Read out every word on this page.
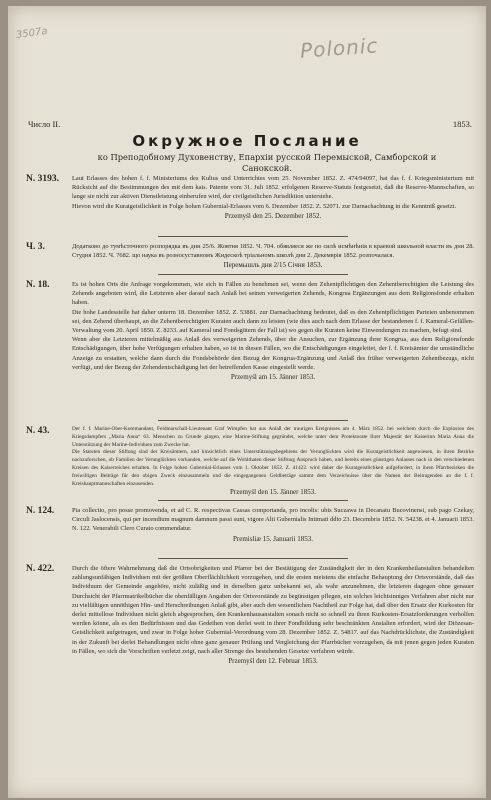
3507a	Polonic
Число II.	1853.
Окружное Послание
ко Преподобному Духовенству, Епархіи русской Перемыской, Самборской и Санокской.
N. 3193. Laut Erlasses des hohen f. f. Ministeriums des Kultus und Unterrichtes vom 25. November 1852. Z. 474/94097, hat das f. f. Kriegsministerium mit Rücksicht auf die Bestimmungen des mit dem kais. Patente vom 31. Juli 1852. erfolgenen Reserve-Statuts festgesetzt, daß die Reserve-Mannschaften, so lange sie nicht zur aktiven Dienstleistung einberufen wird, der civilgeistlichen Jurisdiktion unterstehe.

Hievon wird die Kuratgeistlichkeit in Folge hohen Gubernial-Erlasses vom 6. Dezember 1852. Z. 52071. zur Darnachachtung in die Kenntniß gesetzt.

Przemyśl den 25. Dezember 1852.
Ч. 3.	Додатково до тумѣсточного розпорядка въ дни 25/6. Жовтня 1852. Ч. 704. обявляеся же по силѣ исмѣнѣнія в краевой школьной власти въ дни 28. Студня 1852. Ч. 7682. що наука въ розносуставномъ Жидескоѣ тріальномъ школѣ дни 2. Декемврія 1852. розпочалася.

Перемышль дня 2/15 Січня 1853.
N. 18.	Es ist hohen Orts die Anfrage vorgekommen, wie sich in Fällen zu benehmen sei, wenn den Zehentpflichtigen den Zehentberechtigten die Leistung des Zehends angeboten wird, die Letzteren aber darauf nach Anlaß bei seinen verweigerten Zehends, Kongrua Ergänzungen aus dem Religionsfonde erhalten haben.

Die hohe Landesstelle hat daher unterm 18. Dezember 1852. Z. 53881. zur Darnachachtung bedeutet, daß es den Zehentpflichtigen Parteien unbenommen sei, den Zehend überhaupt, an die Zehentberechtigten Kuraten auch dann zu leisten (wie dies auch nach dem Erlasse der bestandenen f. f. Kameral-Gefällen-Verwaltung vom 20. April 1850. Z. 8233. auf Kameral und Fondsgütern der Fall ist) wo gegen die Kuraten keine Einwendungen zu machen, befugt sind.

Wenn aber die Letzteren mittelmäßig aus Anlaß des verweigerten Zehends, über die Ansuchen, zur Ergänzung ihrer Kongrua, aus dem Religionsfonde Entschädigungen, über hohe Verfügungen erhalten haben, so ist in diesen Fällen, wo die Entschädigungen eingeleitet, der f. f. Kreisämter die umständliche Anzeige zu erstatten, welche dann durch die Fondsbehörde den Bezug der Kongrua-Ergänzung und Anlaß des früher verweigerten Zehentbezugs, nicht verfügt, und der Bezug der Zehendentschädigung bei der betreffenden Kasse eingestellt werde.

Przemyśl am 15. Jänner 1853.
N. 43.	Der f. f. Marine-Ober-Kommandant, Feldmarschall-Lieutenant Graf Wimpfen hat aus Anlaß der traurigen Ereignisses am 4. März 1852. bei welchem durch die Explosion des Kriegsdampfers „Maria Anna“ 63. Menschen zu Grunde gingen, eine Marine-Stiftung gegründet, welche unter dem Protektorate Ihrer Majestät der Kaiserinn Maria Anna die Unterstützung der Marine-Individuen zum Zwecke hat.

Die Statuten dieser Stiftung sind der Kreisämtern, und hinsichtlich eines Unterstützungsbegehrens der Verunglückten wird die Kuratgeistlichkeit angewiesen, in ihren Bezirke nachzuforschen, ob Familien der Verunglückten vorhanden, welche auf die Wohlthaten dieser Stiftung Anspruch haben, und bereits eines günstigen Anlasses nach in den verschiedenen Kreisen des Kaiserreiches erhalten. In Folge hohen Gubernial-Erlasses vom 1. Oktober 1852. Z. 41422. wird daher die Kuratgeistlichkeit aufgefordert, in ihren Pfarrbezirken die freiwilligen Beiträge für den obigen Zweck einzusammeln und die eingegangenen Geldbeträge sammt dem Verzeichnisse über die Namen der Beitragenden an die f. f. Kreishauptmannschaften einzusenden.

Przemyśl den 15. Jänner 1853.
N. 124.	Pia collectio, pro posse promovenda, et ad C. R. respectivas Cassas comportanda, pro incolis: ubis Suczawa in Decanatu Bucovinensi, sub pago Czekay, Circuli Jaslocensis, qui per incendium magnum damnum passi sunt, vigore Alti Gubernialis Intimati ddto 23. Decembris 1852. N. 54238. et 4. Januarii 1853. N. 122. Venerabili Clero Curato commendatur.

Premisliæ 15. Januarii 1853.
N. 422.	Durch die öftere Wahrnehmung daß die Ortsobrigkeiten und Pfarrer bei der Bestätigung der Zuständigkeit der in den Krankenheilanstalten behandelten zahlungsunfähigen Individuen mit der größten Oberflächlichkeit vorzugehen, und die ersten meistens die einfache Behauptung der Ortsvorstände, daß das Individuum der Gemeinde angehöre, nicht zuläßig und in derselben ganz unbekannt sei, als wahr anzunehmen, die letzteren dagegen ohne genauer Durchsicht der Pfarrmatrikelbücher die obenfälligen Angaben der Ortsvorstände zu begünstigen pflegen, ein solches leichtsinniges Verfahren aber nicht nur zu vielfältigen unnöthigen Hin- und Herschreibungen Anlaß gibt, aber auch den wesentlichen Nachtheil zur Folge hat, daß über den Ersatz der Kurkosten für derlei mittellose Individuen nicht gleich abgesprochen, den Krankenhausanstalten sonach nicht so schnell zu ihren Kurkosten-Ersatzforderungen verholfen werden könne, als es den Bedürfnissen und das Gedeihen von derlei weit in ihrer Fondbildung sehr beschränkten Anstalten erfordert, wird der Diözesan-Geistlichkeit aufgetragen, und zwar in Folge hoher Gubernial-Verordnung vom 28. Dezember 1852. Z. 54817. auf das Nachdrücklichste, die Zuständigkeit in der Zukunft bei derlei Behandlungen nicht ohne ganz genauer Prüfung und Vergleichung der Pfarrbücher vorzugehen, da mit jenen gegen jeden Kuraten in Fällen, wo sich die Vorschriften verletzt zeigt, nach aller Strenge des bestehenden Gesetze verfahren würde.

Przemyśl den 12. Februar 1853.
